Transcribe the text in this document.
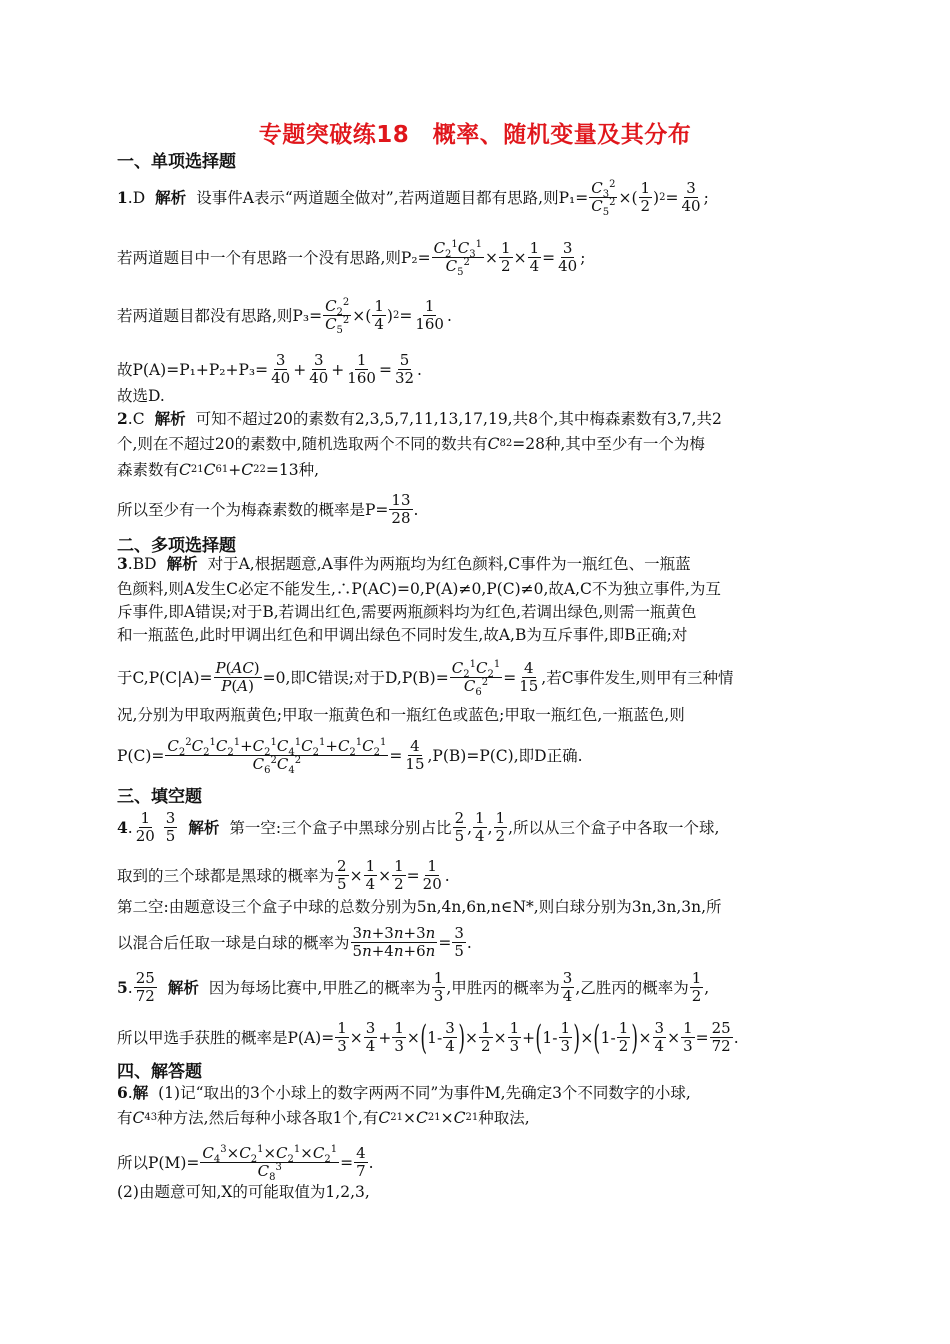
专题突破练18　概率、随机变量及其分布
一、单项选择题
1 . D 解析 设事件A表示“两道题全做对”,若两道题目都有思路,则$P_1= \frac{C_3^2}{C_5^2}$ ×( $\frac{1}{2}$ ) $2 = \frac{3}{40}$ ;
若两道题目中一个有思路一个没有思路,则$P_2= \frac{C_2^1C_3^1}{C_5^2} \times \frac{1}{2} \times \frac{1}{4} = \frac{3}{40}$ ;
若两道题目都没有思路,则$P_3= \frac{C_2^2}{C_5^2}$ ×( $\frac{1}{4}$ ) $2 = \frac{1}{160}$ .
故$P(A)=P_1+P_2+P_3= \frac{3}{40} + \frac{3}{40} + \frac{1}{160} = \frac{5}{32}$ .
故选D.
2 . C 解析 可知不超过20的素数有2,3,5,7,11,13,17,19,共8个,其中梅森素数有3,7,共2
个,则在不超过20的素数中,随机选取两个不同的数共有 C 8 2 =28种,其中至少有一个为梅
森素数有 C 2 1 C 6 1 + C 2 2 =13种,
所以至少有一个为梅森素数的概率是$P= \frac{13}{28}$ .
二、多项选择题
3 . BD 解析 对于A,根据题意,A事件为两瓶均为红色颜料,C事件为一瓶红色、一瓶蓝
色颜料,则A发生C必定不能发生,∴P(AC)=0,P(A)≠0,P(C)≠0,故A,C不为独立事件,为互
斥事件,即A错误;对于B,若调出红色,需要两瓶颜料均为红色,若调出绿色,则需一瓶黄色
和一瓶蓝色,此时甲调出红色和甲调出绿色不同时发生,故A,B为互斥事件,即B正确;对
于$C,P(C|A)= \frac{P(AC)}{P(A)} =0$,即C错误;对于$D,P(B)= \frac{C_2^1C_2^1}{C_6^2} = \frac{4}{15}$ ,若C事件发生,则甲有三种情
况,分别为甲取两瓶黄色;甲取一瓶黄色和一瓶红色或蓝色;甲取一瓶红色,一瓶蓝色,则
$P(C)= \frac{C_2^2C_2^1C_2^1+C_2^1C_4^1C_2^1+C_2^1C_2^1}{C_6^2C_4^2} = \frac{4}{15} ,P(B)=P(C)$,即D正确.
三、填空题
4 . $\frac{1}{20}$
$\frac{3}{5}$ 解析 第一空:三个盒子中黑球分别占比 $\frac{2}{5}$ , $\frac{1}{4}$ , $\frac{1}{2}$ ,所以从三个盒子中各取一个球,
取到的三个球都是黑球的概率为 $\frac{2}{5} \times \frac{1}{4} \times \frac{1}{2} = \frac{1}{20}$ .
第二空:由题意设三个盒子中球的总数分别为5n,4n,6n,n∈N*,则白球分别为3n,3n,3n,所
以混合后任取一球是白球的概率为 $\frac{3n+3n+3n}{5n+4n+6n} = \frac{3}{5}$ .
5 . $\frac{25}{72}$ 解析 因为每场比赛中,甲胜乙的概率为 $\frac{1}{3}$ ,甲胜丙的概率为 $\frac{3}{4}$ ,乙胜丙的概率为 $\frac{1}{2}$ ,
所以甲选手获胜的概率是$P(A)= \frac{1}{3} \times \frac{3}{4} + \frac{1}{3}$ × ( $1- \frac{3}{4}$ ) × $\frac{1}{2} \times \frac{1}{3}$ + ( $1- \frac{1}{3}$ ) × ( $1- \frac{1}{2}$ ) × $\frac{3}{4} \times \frac{1}{3} = \frac{25}{72}$ .
四、解答题
6 . 解
(1)记“取出的3个小球上的数字两两不同”为事件M,先确定3个不同数字的小球,
有 C 4 3 种方法,然后每种小球各取1个,有 C 2 1 × C 2 1 × C 2 1 种取法,
所以$P(M)= \frac{C_4^3\times C_2^1\times C_2^1\times C_2^1}{C_8^3} = \frac{4}{7}$ .
(2)由题意可知,X的可能取值为1,2,3,
